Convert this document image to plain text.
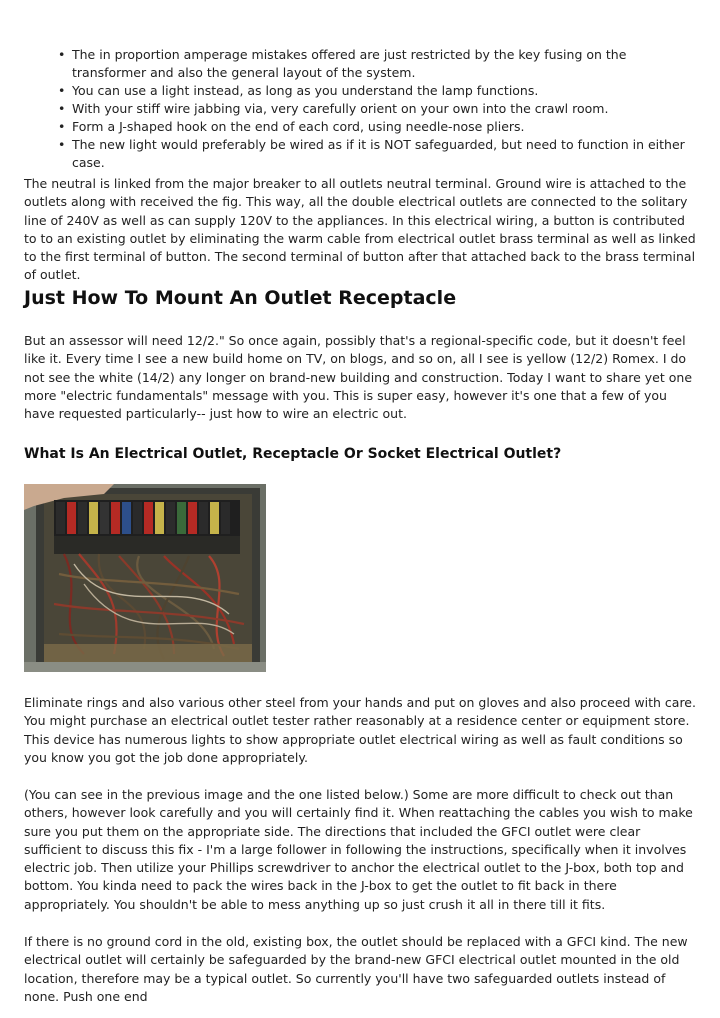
• The in proportion amperage mistakes offered are just restricted by the key fusing on the transformer and also the general layout of the system.
• You can use a light instead, as long as you understand the lamp functions.
• With your stiff wire jabbing via, very carefully orient on your own into the crawl room.
• Form a J-shaped hook on the end of each cord, using needle-nose pliers.
• The new light would preferably be wired as if it is NOT safeguarded, but need to function in either case.

The neutral is linked from the major breaker to all outlets neutral terminal. Ground wire is attached to the outlets along with received the fig. This way, all the double electrical outlets are connected to the solitary line of 240V as well as can supply 120V to the appliances. In this electrical wiring, a button is contributed to to an existing outlet by eliminating the warm cable from electrical outlet brass terminal as well as linked to the first terminal of button. The second terminal of button after that attached back to the brass terminal of outlet.

Just How To Mount An Outlet Receptacle

But an assessor will need 12/2." So once again, possibly that's a regional-specific code, but it doesn't feel like it. Every time I see a new build home on TV, on blogs, and so on, all I see is yellow (12/2) Romex. I do not see the white (14/2) any longer on brand-new building and construction. Today I want to share yet one more "electric fundamentals" message with you. This is super easy, however it's one that a few of you have requested particularly-- just how to wire an electric out.

What Is An Electrical Outlet, Receptacle Or Socket Electrical Outlet?

Eliminate rings and also various other steel from your hands and put on gloves and also proceed with care. You might purchase an electrical outlet tester rather reasonably at a residence center or equipment store. This device has numerous lights to show appropriate outlet electrical wiring as well as fault conditions so you know you got the job done appropriately.

(You can see in the previous image and the one listed below.) Some are more difficult to check out than others, however look carefully and you will certainly find it. When reattaching the cables you wish to make sure you put them on the appropriate side. The directions that included the GFCI outlet were clear sufficient to discuss this fix - I'm a large follower in following the instructions, specifically when it involves electric job. Then utilize your Phillips screwdriver to anchor the electrical outlet to the J-box, both top and bottom. You kinda need to pack the wires back in the J-box to get the outlet to fit back in there appropriately. You shouldn't be able to mess anything up so just crush it all in there till it fits.

If there is no ground cord in the old, existing box, the outlet should be replaced with a GFCI kind. The new electrical outlet will certainly be safeguarded by the brand-new GFCI electrical outlet mounted in the old location, therefore may be a typical outlet. So currently you'll have two safeguarded outlets instead of none. Push one end
